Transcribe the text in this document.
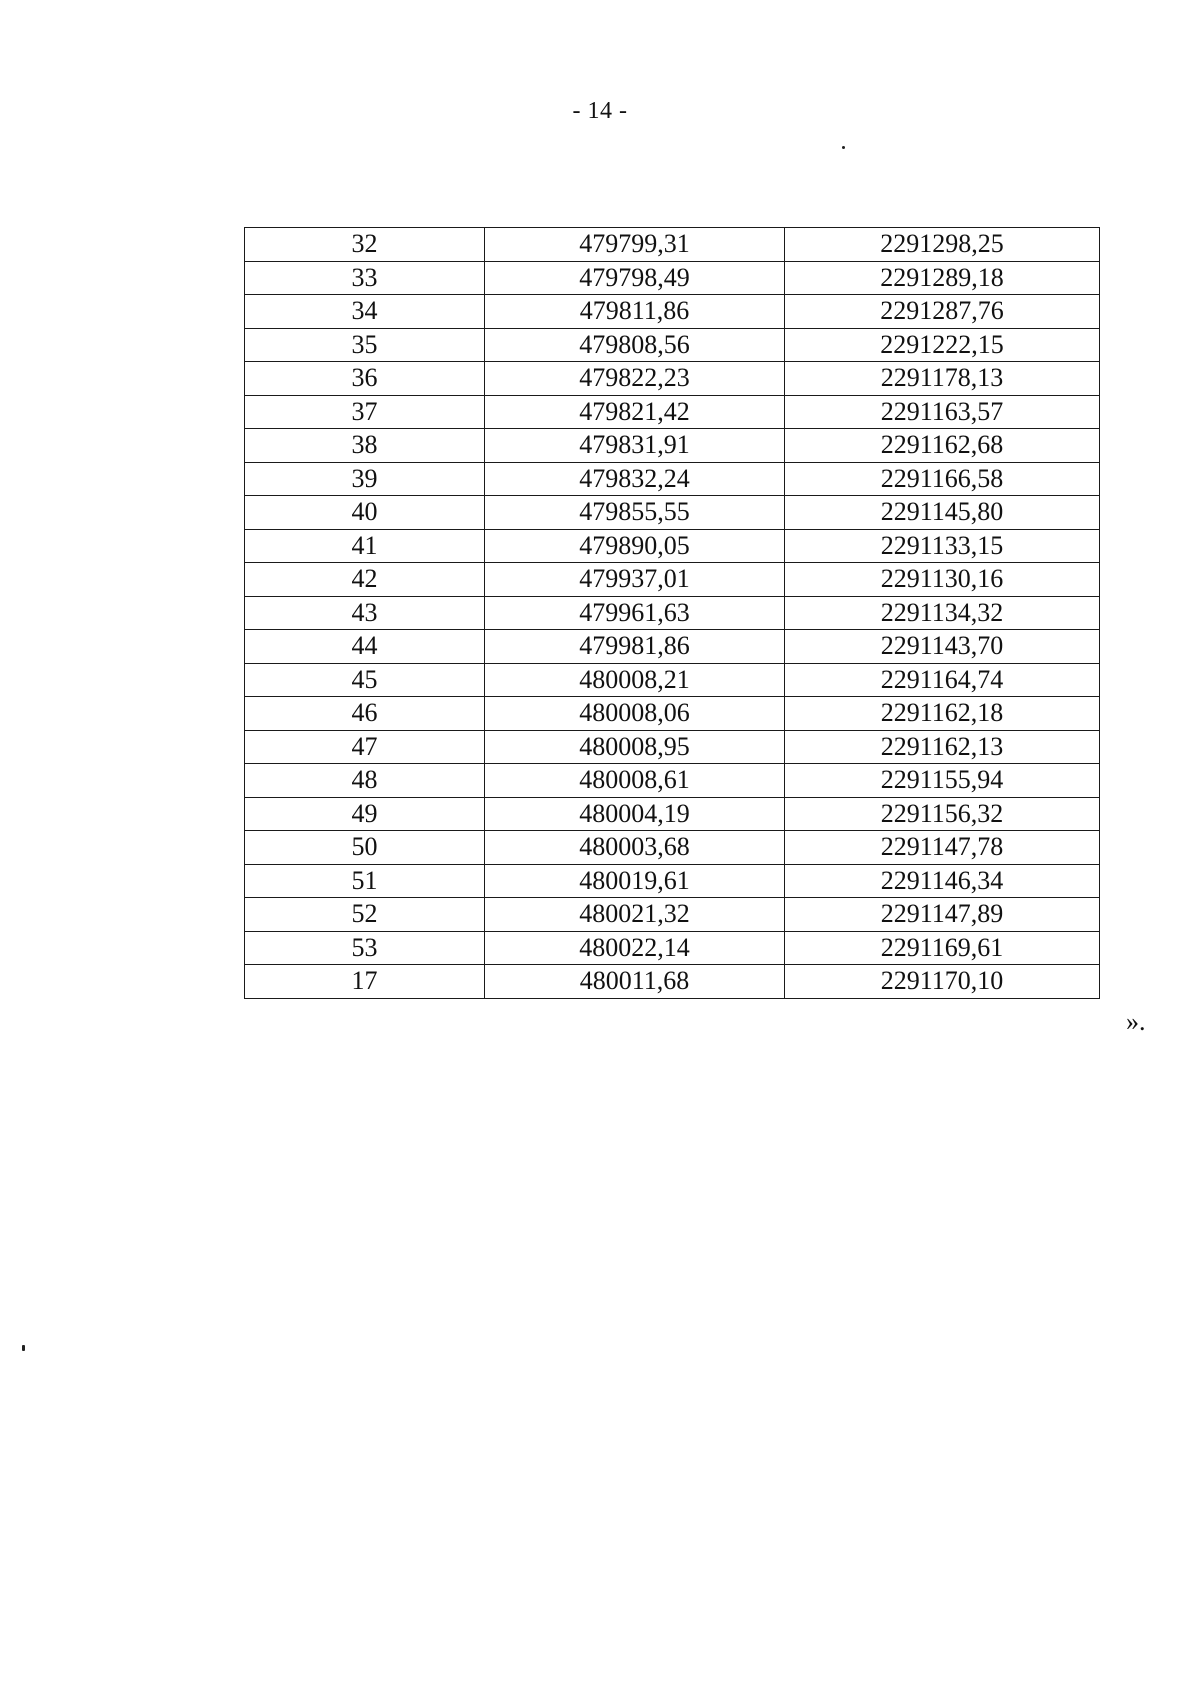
- 14 -
32	479799,31	2291298,25
33	479798,49	2291289,18
34	479811,86	2291287,76
35	479808,56	2291222,15
36	479822,23	2291178,13
37	479821,42	2291163,57
38	479831,91	2291162,68
39	479832,24	2291166,58
40	479855,55	2291145,80
41	479890,05	2291133,15
42	479937,01	2291130,16
43	479961,63	2291134,32
44	479981,86	2291143,70
45	480008,21	2291164,74
46	480008,06	2291162,18
47	480008,95	2291162,13
48	480008,61	2291155,94
49	480004,19	2291156,32
50	480003,68	2291147,78
51	480019,61	2291146,34
52	480021,32	2291147,89
53	480022,14	2291169,61
17	480011,68	2291170,10
».
